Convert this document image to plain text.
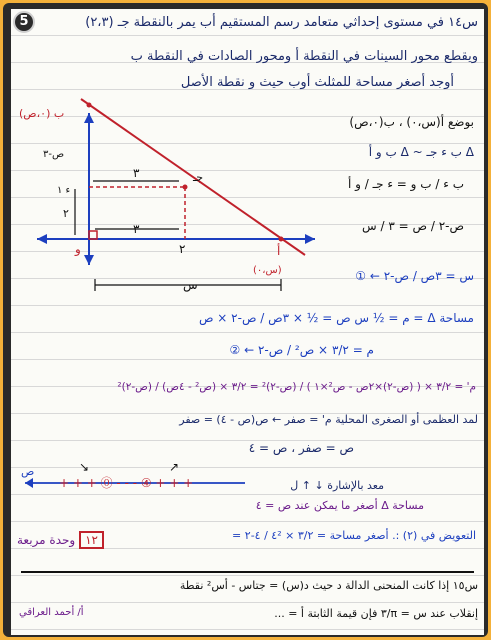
5	س١٤ في مستوى إحداثي متعامد رسم المستقيم أب يمر بالنقطة جـ (٢،٣)
ويقطع محور السينات في النقطة أ ومحور الصادات في النقطة ب
أوجد أصغر مساحة للمثلث أوب حيث و نقطة الأصل
ب (٠،ص)
جـ
أ
و
(س،٠)
ص-٣
٣
٣
٢
٢
ء ١
س
بوضع أ(س،٠) ، ب(٠،ص)
Δ ب ء جـ ~ Δ ب و أ
ب ء / ب و = ء جـ / و أ
ص-٢ / ص = ٣ / س
س = ٣ص / ص-٢ ← ①
مساحة Δ = م = ½ س ص = ½ × ٣ص / ص-٢ × ص
م = ٣/٢ × ص² / ص-٢ ← ②
م' = ٣/٢ × ( (ص-٢)×٢ص - ص²×١ ) / (ص-٢)² = ٣/٢ × (ص² - ٤ص) / (ص-٢)²
لمد العظمى أو الصغرى المحلية م' = صفر ← ص(ص - ٤) = صفر
ص = صفر ، ص = ٤
ص
+ + + ⓪ - - - ④ + + +
↘	↗
معد بالإشارة ↓ ↑ ل
مساحة Δ أصغر ما يمكن عند ص = ٤
التعويض في (٢) :. أصغر مساحة = ٣/٢ × ٤² / ٤-٢ =
وحدة مربعة ١٢
س١٥ إذا كانت المنحنى الدالة د حيث د(س) = جتاس - أس² نقطة
إنقلاب عند س = π/٣ فإن قيمة الثابتة أ = ...
أ/ أحمد العراقي
